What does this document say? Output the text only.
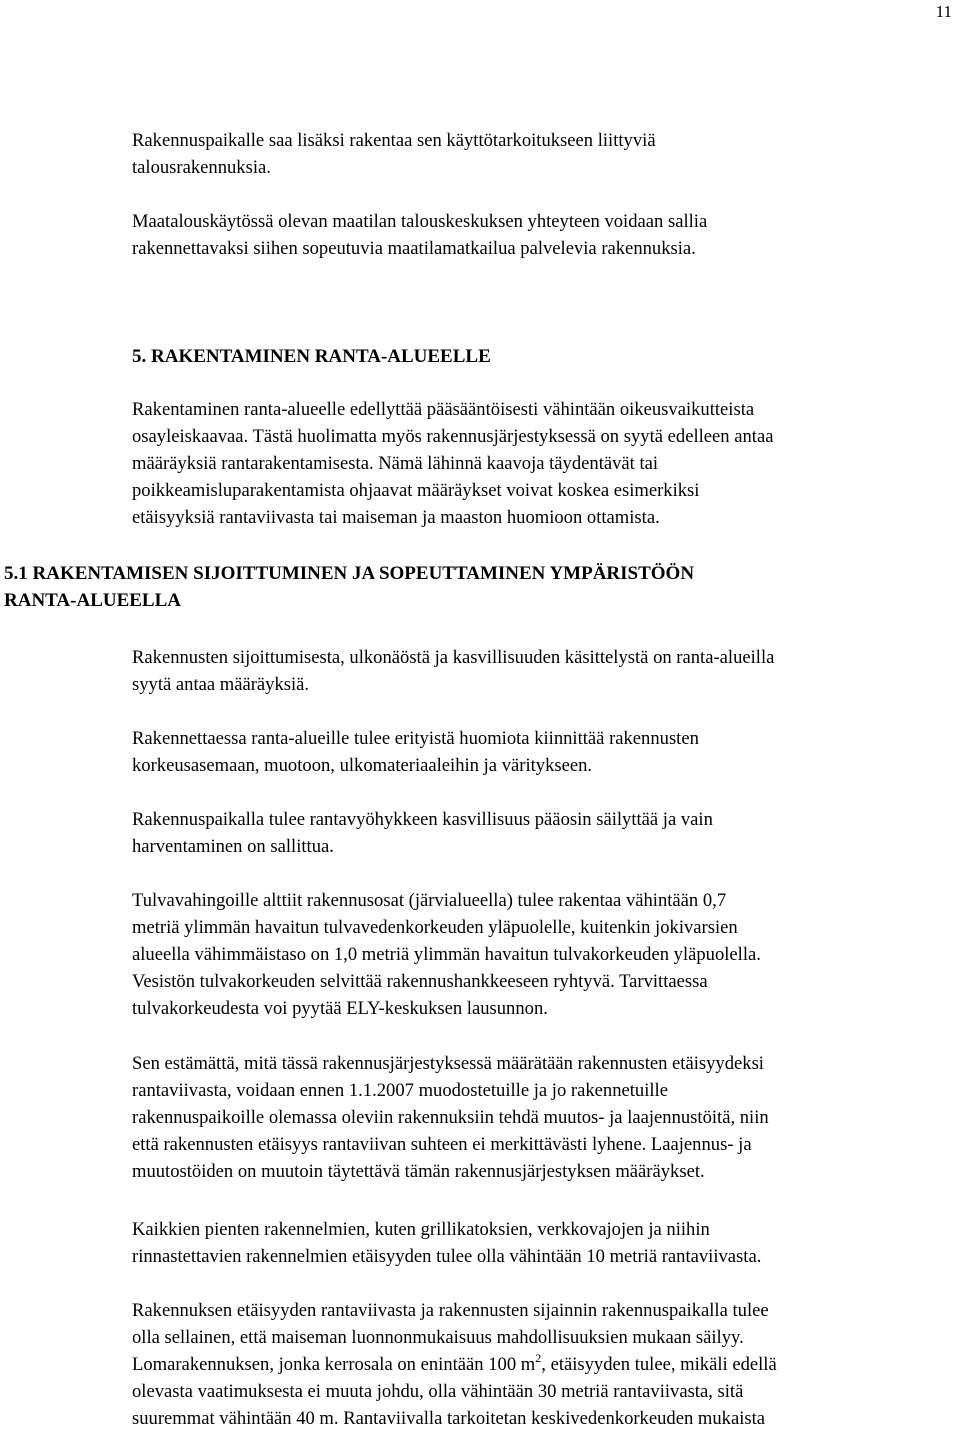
11
Rakennuspaikalle saa lisäksi rakentaa sen käyttötarkoitukseen liittyviä
talousrakennuksia.
Maatalouskäytössä olevan maatilan talouskeskuksen yhteyteen voidaan sallia
rakennettavaksi siihen sopeutuvia maatilamatkailua palvelevia rakennuksia.
5. RAKENTAMINEN RANTA-ALUEELLE
Rakentaminen ranta-alueelle edellyttää pääsääntöisesti vähintään oikeusvaikutteista
osayleiskaavaa. Tästä huolimatta myös rakennusjärjestyksessä on syytä edelleen antaa
määräyksiä rantarakentamisesta. Nämä lähinnä kaavoja täydentävät tai
poikkeamisluparakentamista ohjaavat määräykset voivat koskea esimerkiksi
etäisyyksiä rantaviivasta tai maiseman ja maaston huomioon ottamista.
5.1 RAKENTAMISEN SIJOITTUMINEN JA SOPEUTTAMINEN YMPÄRISTÖÖN
RANTA-ALUEELLA
Rakennusten sijoittumisesta, ulkonäöstä ja kasvillisuuden käsittelystä on ranta-alueilla
syytä antaa määräyksiä.
Rakennettaessa ranta-alueille tulee erityistä huomiota kiinnittää rakennusten
korkeusasemaan, muotoon, ulkomateriaaleihin ja väritykseen.
Rakennuspaikalla tulee rantavyöhykkeen kasvillisuus pääosin säilyttää ja vain
harventaminen on sallittua.
Tulvavahingoille alttiit rakennusosat (järvialueella) tulee rakentaa vähintään 0,7
metriä ylimmän havaitun tulvavedenkorkeuden yläpuolelle, kuitenkin jokivarsien
alueella vähimmäistaso on 1,0 metriä ylimmän havaitun tulvakorkeuden yläpuolella.
Vesistön tulvakorkeuden selvittää rakennushankkeeseen ryhtyvä. Tarvittaessa
tulvakorkeudesta voi pyytää ELY-keskuksen lausunnon.
Sen estämättä, mitä tässä rakennusjärjestyksessä määrätään rakennusten etäisyydeksi
rantaviivasta, voidaan ennen 1.1.2007 muodostetuille ja jo rakennetuille
rakennuspaikoille olemassa oleviin rakennuksiin tehdä muutos- ja laajennustöitä, niin
että rakennusten etäisyys rantaviivan suhteen ei merkittävästi lyhene. Laajennus- ja
muutostöiden on muutoin täytettävä tämän rakennusjärjestyksen määräykset.
Kaikkien pienten rakennelmien, kuten grillikatoksien, verkkovajojen ja niihin
rinnastettavien rakennelmien etäisyyden tulee olla vähintään 10 metriä rantaviivasta.
Rakennuksen etäisyyden rantaviivasta ja rakennusten sijainnin rakennuspaikalla tulee
olla sellainen, että maiseman luonnonmukaisuus mahdollisuuksien mukaan säilyy.
Lomarakennuksen, jonka kerrosala on enintään 100 $m^2$, etäisyyden tulee, mikäli edellä
olevasta vaatimuksesta ei muuta johdu, olla vähintään 30 metriä rantaviivasta, sitä
suuremmat vähintään 40 m. Rantaviivalla tarkoitetan keskivedenkorkeuden mukaista
